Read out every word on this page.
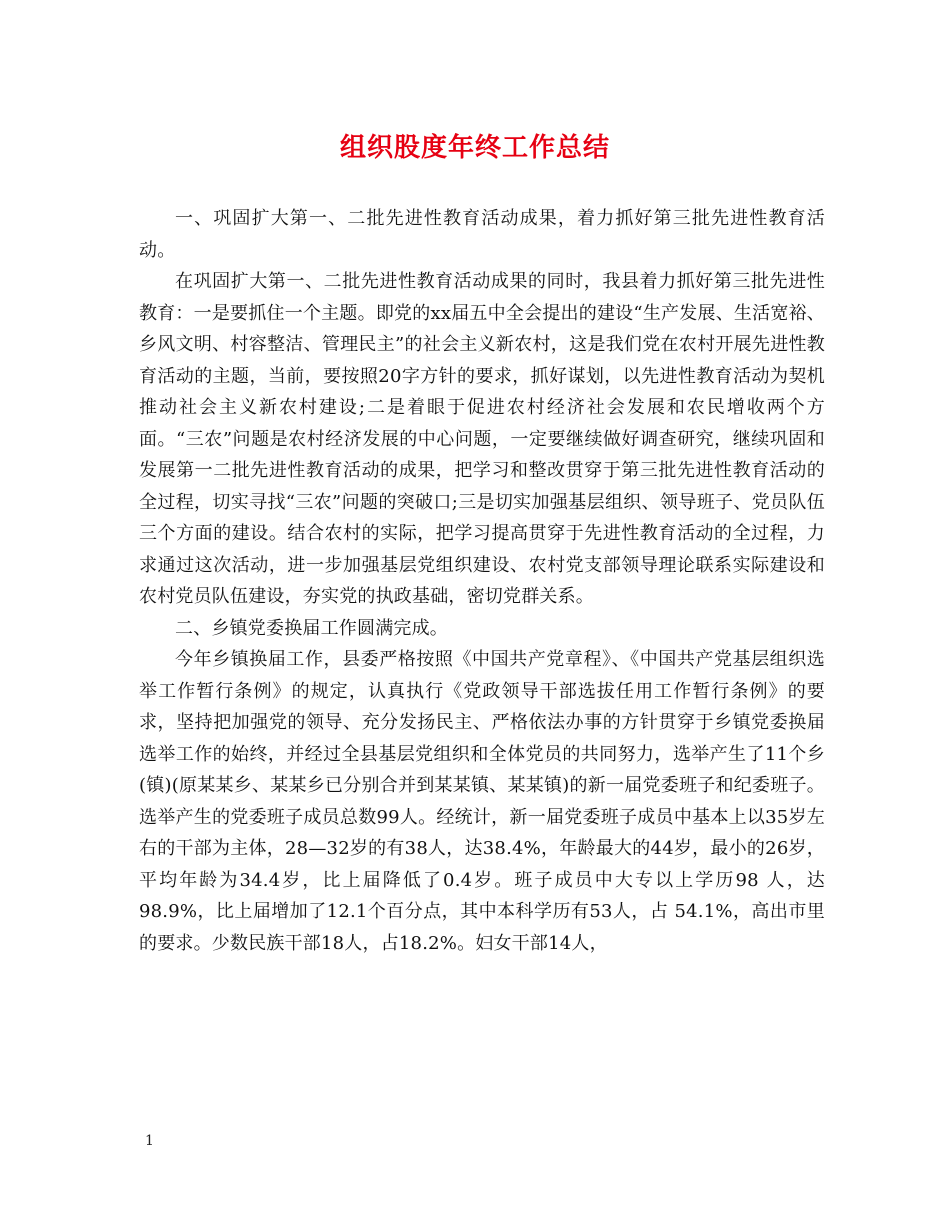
组织股度年终工作总结

一、巩固扩大第一、二批先进性教育活动成果，着力抓好第三批先进性教育活动。

在巩固扩大第一、二批先进性教育活动成果的同时，我县着力抓好第三批先进性教育：一是要抓住一个主题。即党的xx届五中全会提出的建设“生产发展、生活宽裕、乡风文明、村容整洁、管理民主”的社会主义新农村，这是我们党在农村开展先进性教育活动的主题，当前，要按照20字方针的要求，抓好谋划，以先进性教育活动为契机推动社会主义新农村建设;二是着眼于促进农村经济社会发展和农民增收两个方面。“三农”问题是农村经济发展的中心问题，一定要继续做好调查研究，继续巩固和发展第一二批先进性教育活动的成果，把学习和整改贯穿于第三批先进性教育活动的全过程，切实寻找“三农”问题的突破口;三是切实加强基层组织、领导班子、党员队伍三个方面的建设。结合农村的实际，把学习提高贯穿于先进性教育活动的全过程，力求通过这次活动，进一步加强基层党组织建设、农村党支部领导理论联系实际建设和农村党员队伍建设，夯实党的执政基础，密切党群关系。

二、乡镇党委换届工作圆满完成。

今年乡镇换届工作，县委严格按照《中国共产党章程》、《中国共产党基层组织选举工作暂行条例》的规定，认真执行《党政领导干部选拔任用工作暂行条例》的要求，坚持把加强党的领导、充分发扬民主、严格依法办事的方针贯穿于乡镇党委换届选举工作的始终，并经过全县基层党组织和全体党员的共同努力，选举产生了11个乡(镇)(原某某乡、某某乡已分别合并到某某镇、某某镇)的新一届党委班子和纪委班子。选举产生的党委班子成员总数99人。经统计，新一届党委班子成员中基本上以35岁左右的干部为主体，28—32岁的有38人，达38.4%，年龄最大的44岁，最小的26岁，平均年龄为34.4岁，比上届降低了0.4岁。班子成员中大专以上学历98 人，达98.9%，比上届增加了12.1个百分点，其中本科学历有53人，占 54.1%，高出市里的要求。少数民族干部18人，占18.2%。妇女干部14人，

1
